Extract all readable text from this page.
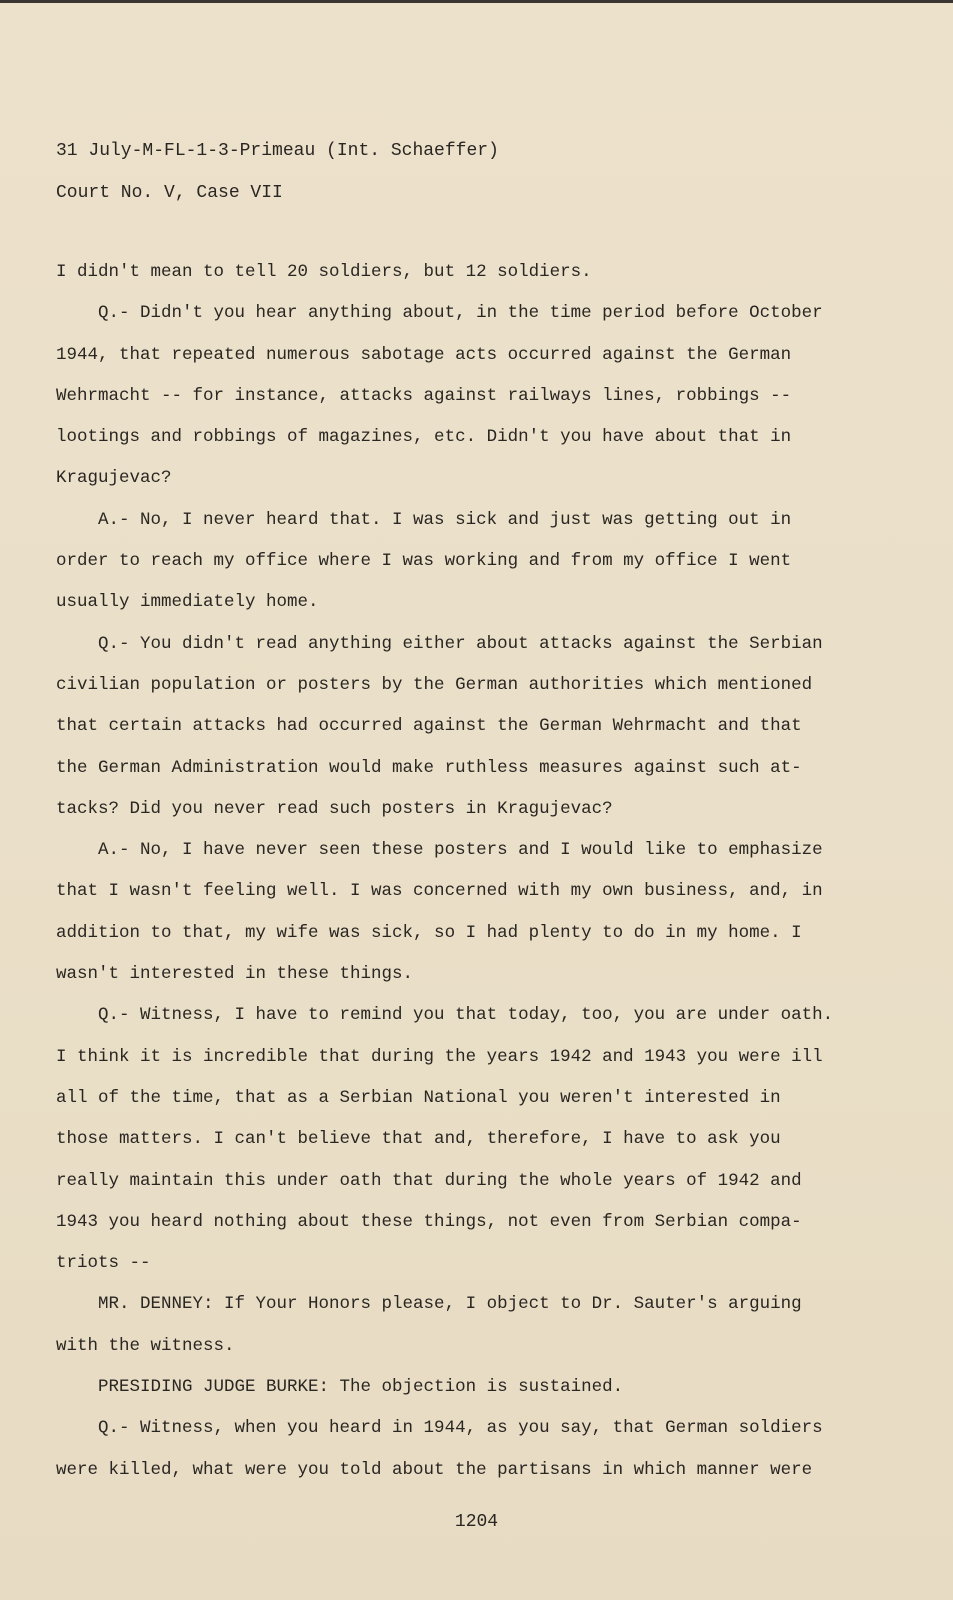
31 July-M-FL-1-3-Primeau (Int. Schaeffer)
Court No. V, Case VII
I didn't mean to tell 20 soldiers, but 12 soldiers.
Q.- Didn't you hear anything about, in the time period before October
1944, that repeated numerous sabotage acts occurred against the German
Wehrmacht -- for instance, attacks against railways lines, robbings --
lootings and robbings of magazines, etc. Didn't you have about that in
Kragujevac?
A.- No, I never heard that. I was sick and just was getting out in
order to reach my office where I was working and from my office I went
usually immediately home.
Q.- You didn't read anything either about attacks against the Serbian
civilian population or posters by the German authorities which mentioned
that certain attacks had occurred against the German Wehrmacht and that
the German Administration would make ruthless measures against such at-
tacks? Did you never read such posters in Kragujevac?
A.- No, I have never seen these posters and I would like to emphasize
that I wasn't feeling well. I was concerned with my own business, and, in
addition to that, my wife was sick, so I had plenty to do in my home. I
wasn't interested in these things.
Q.- Witness, I have to remind you that today, too, you are under oath.
I think it is incredible that during the years 1942 and 1943 you were ill
all of the time, that as a Serbian National you weren't interested in
those matters. I can't believe that and, therefore, I have to ask you
really maintain this under oath that during the whole years of 1942 and
1943 you heard nothing about these things, not even from Serbian compa-
triots --
MR. DENNEY: If Your Honors please, I object to Dr. Sauter's arguing
with the witness.
PRESIDING JUDGE BURKE: The objection is sustained.
Q.- Witness, when you heard in 1944, as you say, that German soldiers
were killed, what were you told about the partisans in which manner were
1204
